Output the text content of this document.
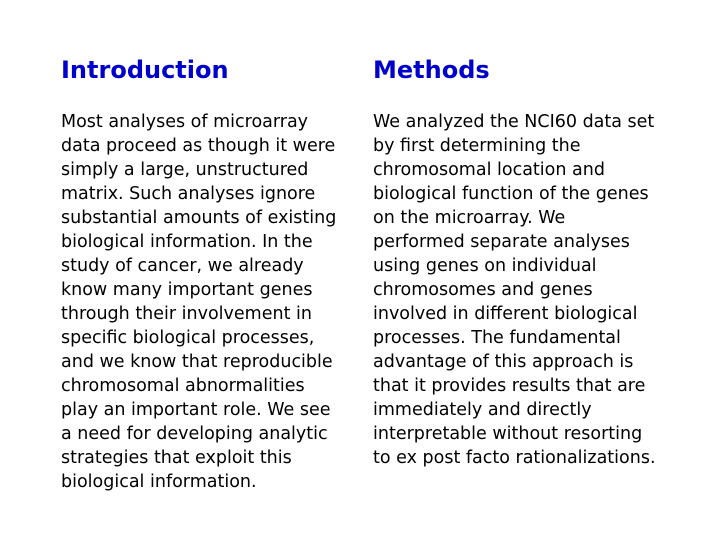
Introduction

Most analyses of microarray
data proceed as though it were
simply a large, unstructured
matrix. Such analyses ignore
substantial amounts of existing
biological information. In the
study of cancer, we already
know many important genes
through their involvement in
specific biological processes,
and we know that reproducible
chromosomal abnormalities
play an important role. We see
a need for developing analytic
strategies that exploit this
biological information.

Methods

We analyzed the NCI60 data set
by first determining the
chromosomal location and
biological function of the genes
on the microarray. We
performed separate analyses
using genes on individual
chromosomes and genes
involved in different biological
processes. The fundamental
advantage of this approach is
that it provides results that are
immediately and directly
interpretable without resorting
to ex post facto rationalizations.
